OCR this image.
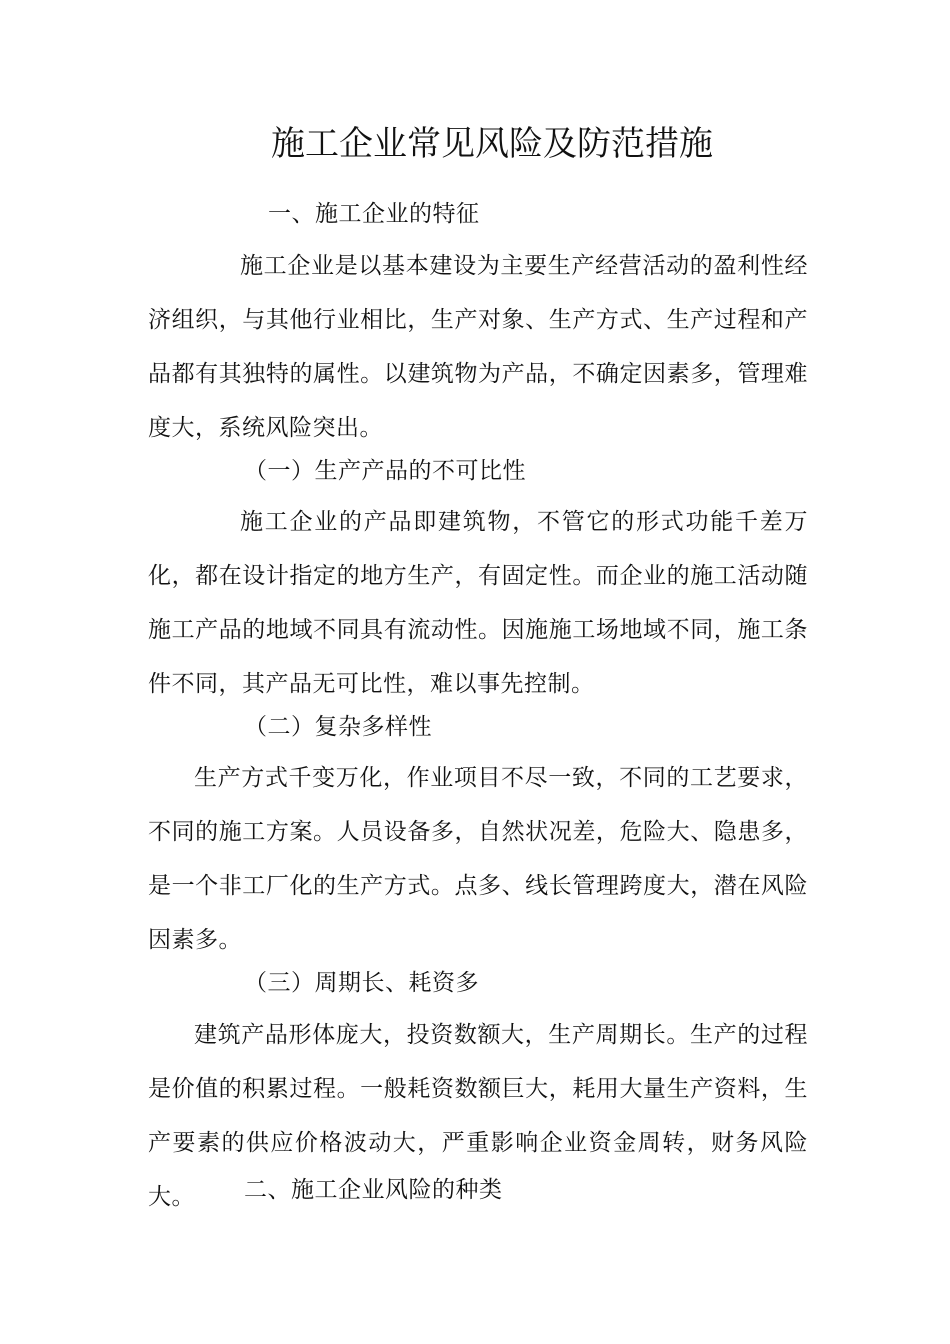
施工企业常见风险及防范措施

一、施工企业的特征

施工企业是以基本建设为主要生产经营活动的盈利性经济组织，与其他行业相比，生产对象、生产方式、生产过程和产品都有其独特的属性。以建筑物为产品，不确定因素多，管理难度大，系统风险突出。

（一）生产产品的不可比性

施工企业的产品即建筑物，不管它的形式功能千差万化，都在设计指定的地方生产，有固定性。而企业的施工活动随施工产品的地域不同具有流动性。因施施工场地域不同，施工条件不同，其产品无可比性，难以事先控制。

（二）复杂多样性

生产方式千变万化，作业项目不尽一致，不同的工艺要求，不同的施工方案。人员设备多，自然状况差，危险大、隐患多，是一个非工厂化的生产方式。点多、线长管理跨度大，潜在风险因素多。

（三）周期长、耗资多

建筑产品形体庞大，投资数额大，生产周期长。生产的过程是价值的积累过程。一般耗资数额巨大，耗用大量生产资料，生产要素的供应价格波动大，严重影响企业资金周转，财务风险大。	二、施工企业风险的种类
